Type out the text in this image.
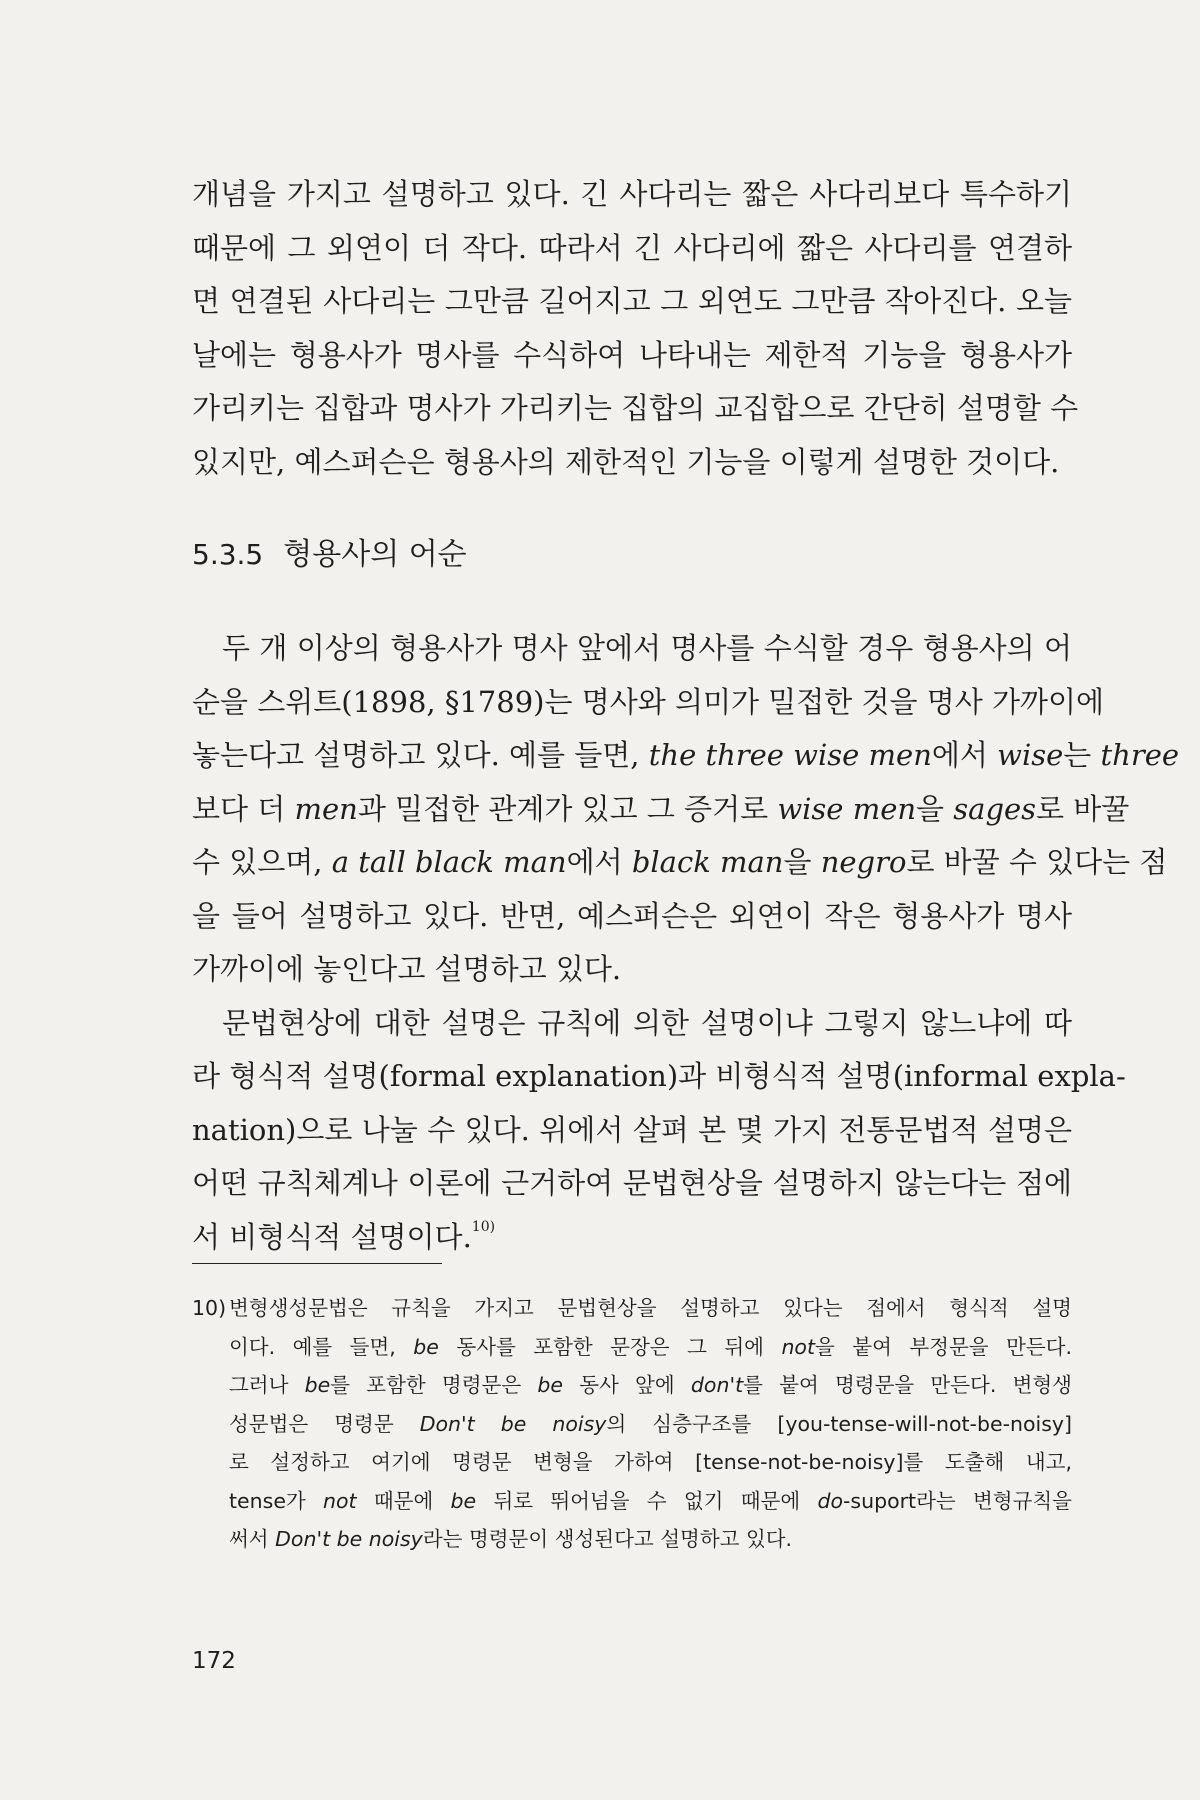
개념을 가지고 설명하고 있다. 긴 사다리는 짧은 사다리보다 특수하기
때문에 그 외연이 더 작다. 따라서 긴 사다리에 짧은 사다리를 연결하
면 연결된 사다리는 그만큼 길어지고 그 외연도 그만큼 작아진다. 오늘
날에는 형용사가 명사를 수식하여 나타내는 제한적 기능을 형용사가
가리키는 집합과 명사가 가리키는 집합의 교집합으로 간단히 설명할 수
있지만, 예스퍼슨은 형용사의 제한적인 기능을 이렇게 설명한 것이다.

5.3.5 형용사의 어순

두 개 이상의 형용사가 명사 앞에서 명사를 수식할 경우 형용사의 어
순을 스위트(1898, §1789)는 명사와 의미가 밀접한 것을 명사 가까이에
놓는다고 설명하고 있다. 예를 들면, the three wise men에서 wise는 three
보다 더 men과 밀접한 관계가 있고 그 증거로 wise men을 sages로 바꿀
수 있으며, a tall black man에서 black man을 negro로 바꿀 수 있다는 점
을 들어 설명하고 있다. 반면, 예스퍼슨은 외연이 작은 형용사가 명사
가까이에 놓인다고 설명하고 있다.

문법현상에 대한 설명은 규칙에 의한 설명이냐 그렇지 않느냐에 따
라 형식적 설명(formal explanation)과 비형식적 설명(informal expla-
nation)으로 나눌 수 있다. 위에서 살펴 본 몇 가지 전통문법적 설명은
어떤 규칙체계나 이론에 근거하여 문법현상을 설명하지 않는다는 점에
서 비형식적 설명이다.$^{10)}$

10) 변형생성문법은 규칙을 가지고 문법현상을 설명하고 있다는 점에서 형식적 설명
이다. 예를 들면, be 동사를 포함한 문장은 그 뒤에 not을 붙여 부정문을 만든다.
그러나 be를 포함한 명령문은 be 동사 앞에 don't를 붙여 명령문을 만든다. 변형생
성문법은 명령문 Don't be noisy의 심층구조를 [you-tense-will-not-be-noisy]
로 설정하고 여기에 명령문 변형을 가하여 [tense-not-be-noisy]를 도출해 내고,
tense가 not 때문에 be 뒤로 뛰어넘을 수 없기 때문에 do-suport라는 변형규칙을
써서 Don't be noisy라는 명령문이 생성된다고 설명하고 있다.
172
